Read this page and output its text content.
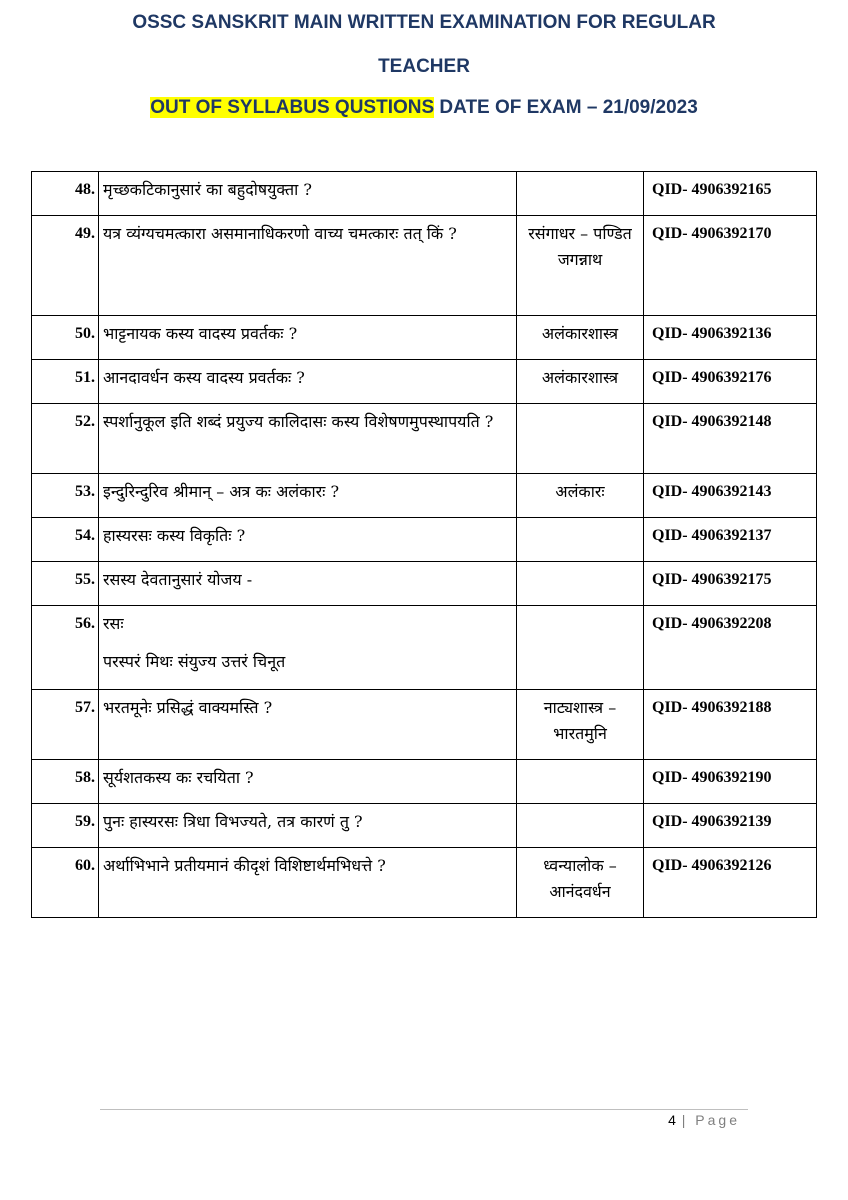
OSSC SANSKRIT MAIN WRITTEN EXAMINATION FOR REGULAR
TEACHER
OUT OF SYLLABUS QUSTIONS DATE OF EXAM – 21/09/2023
48.	मृच्छकटिकानुसारं का बहुदोषयुक्ता ?		QID- 4906392165
49.	यत्र व्यंग्यचमत्कारा असमानाधिकरणो वाच्य चमत्कारः तत् किं ?	रसंगाधर – पण्डित जगन्नाथ	QID- 4906392170
50.	भाट्टनायक कस्य वादस्य प्रवर्तकः ?	अलंकारशास्त्र	QID- 4906392136
51.	आनदावर्धन कस्य वादस्य प्रवर्तकः ?	अलंकारशास्त्र	QID- 4906392176
52.	स्पर्शानुकूल इति शब्दं प्रयुज्य कालिदासः कस्य विशेषणमुपस्थापयति ?		QID- 4906392148
53.	इन्दुरिन्दुरिव श्रीमान् – अत्र कः अलंकारः ?	अलंकारः	QID- 4906392143
54.	हास्यरसः कस्य विकृतिः ?		QID- 4906392137
55.	रसस्य देवतानुसारं योजय -		QID- 4906392175
56.	रसः
परस्परं मिथः संयुज्य उत्तरं चिनूत		QID- 4906392208
57.	भरतमूनेः प्रसिद्धं वाक्यमस्ति ?	नाट्यशास्त्र – भारतमुनि	QID- 4906392188
58.	सूर्यशतकस्य कः रचयिता ?		QID- 4906392190
59.	पुनः हास्यरसः त्रिधा विभज्यते, तत्र कारणं तु ?		QID- 4906392139
60.	अर्थाभिभाने प्रतीयमानं कीदृशं विशिष्टार्थमभिधत्ते ?	ध्वन्यालोक – आनंदवर्धन	QID- 4906392126
4 | Page
